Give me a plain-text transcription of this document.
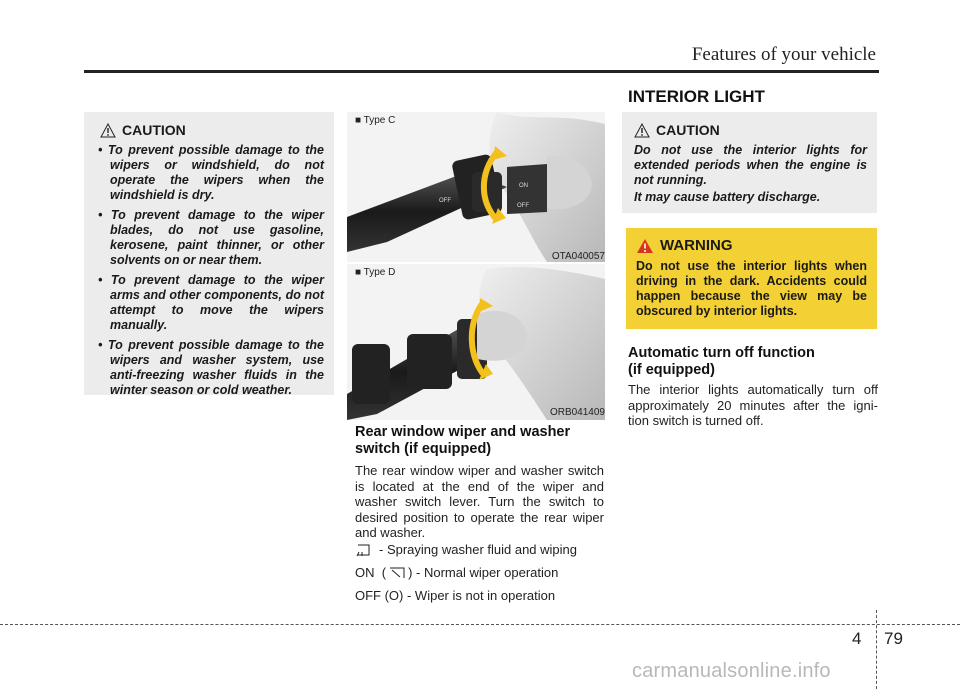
Features of your vehicle
CAUTION
• To prevent possible damage to the wipers or windshield, do not operate the wipers when the windshield is dry.
• To prevent damage to the wiper blades, do not use gasoline, kerosene, paint thinner, or other solvents on or near them.
• To prevent damage to the wiper arms and other components, do not attempt to move the wipers manually.
• To prevent possible damage to the wipers and washer system, use anti-freezing washer fluids in the winter season or cold weather.
OFF
ON
OFF
■ Type C
OTA040057
■ Type D
ORB041409
Rear window wiper and washer
switch (if equipped)
The rear window wiper and washer switch is located at the end of the wiper and washer switch lever. Turn the switch to desired position to operate the rear wiper and washer.
- Spraying washer fluid and wiping
ON  ( ) - Normal wiper operation
OFF (O) - Wiper is not in operation
INTERIOR LIGHT
CAUTION
Do not use the interior lights for extended periods when the engine is not running.
It may cause battery discharge.
WARNING
Do not use the interior lights when driving in the dark. Accidents could happen because the view may be obscured by interior lights.
Automatic turn off function
(if equipped)
The interior lights automatically turn off approximately 20 minutes after the igni- tion switch is turned off.
4 79
carmanualsonline.info
